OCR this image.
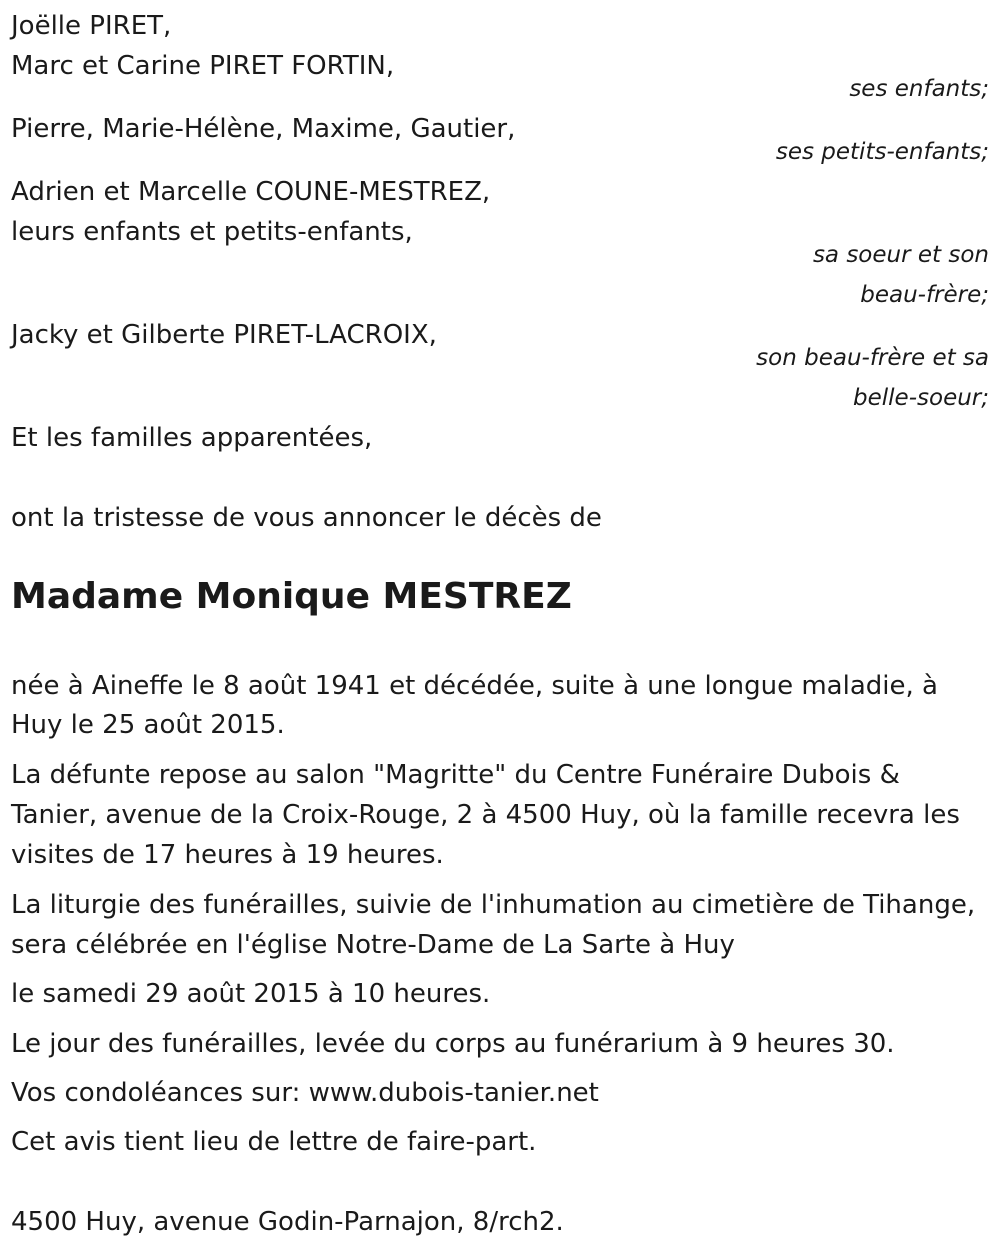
Joëlle PIRET,
Marc et Carine PIRET FORTIN,
ses enfants;
Pierre, Marie-Hélène, Maxime, Gautier,
ses petits-enfants;
Adrien et Marcelle COUNE-MESTREZ,
leurs enfants et petits-enfants,
sa soeur et son
beau-frère;
Jacky et Gilberte PIRET-LACROIX,
son beau-frère et sa
belle-soeur;
Et les familles apparentées,
ont la tristesse de vous annoncer le décès de
Madame Monique MESTREZ
née à Aineffe le 8 août 1941 et décédée, suite à une longue maladie, à
Huy le 25 août 2015.
La défunte repose au salon "Magritte" du Centre Funéraire Dubois &
Tanier, avenue de la Croix-Rouge, 2 à 4500 Huy, où la famille recevra les
visites de 17 heures à 19 heures.
La liturgie des funérailles, suivie de l'inhumation au cimetière de Tihange,
sera célébrée en l'église Notre-Dame de La Sarte à Huy
le samedi 29 août 2015 à 10 heures.
Le jour des funérailles, levée du corps au funérarium à 9 heures 30.
Vos condoléances sur: www.dubois-tanier.net
Cet avis tient lieu de lettre de faire-part.
4500 Huy, avenue Godin-Parnajon, 8/rch2.
